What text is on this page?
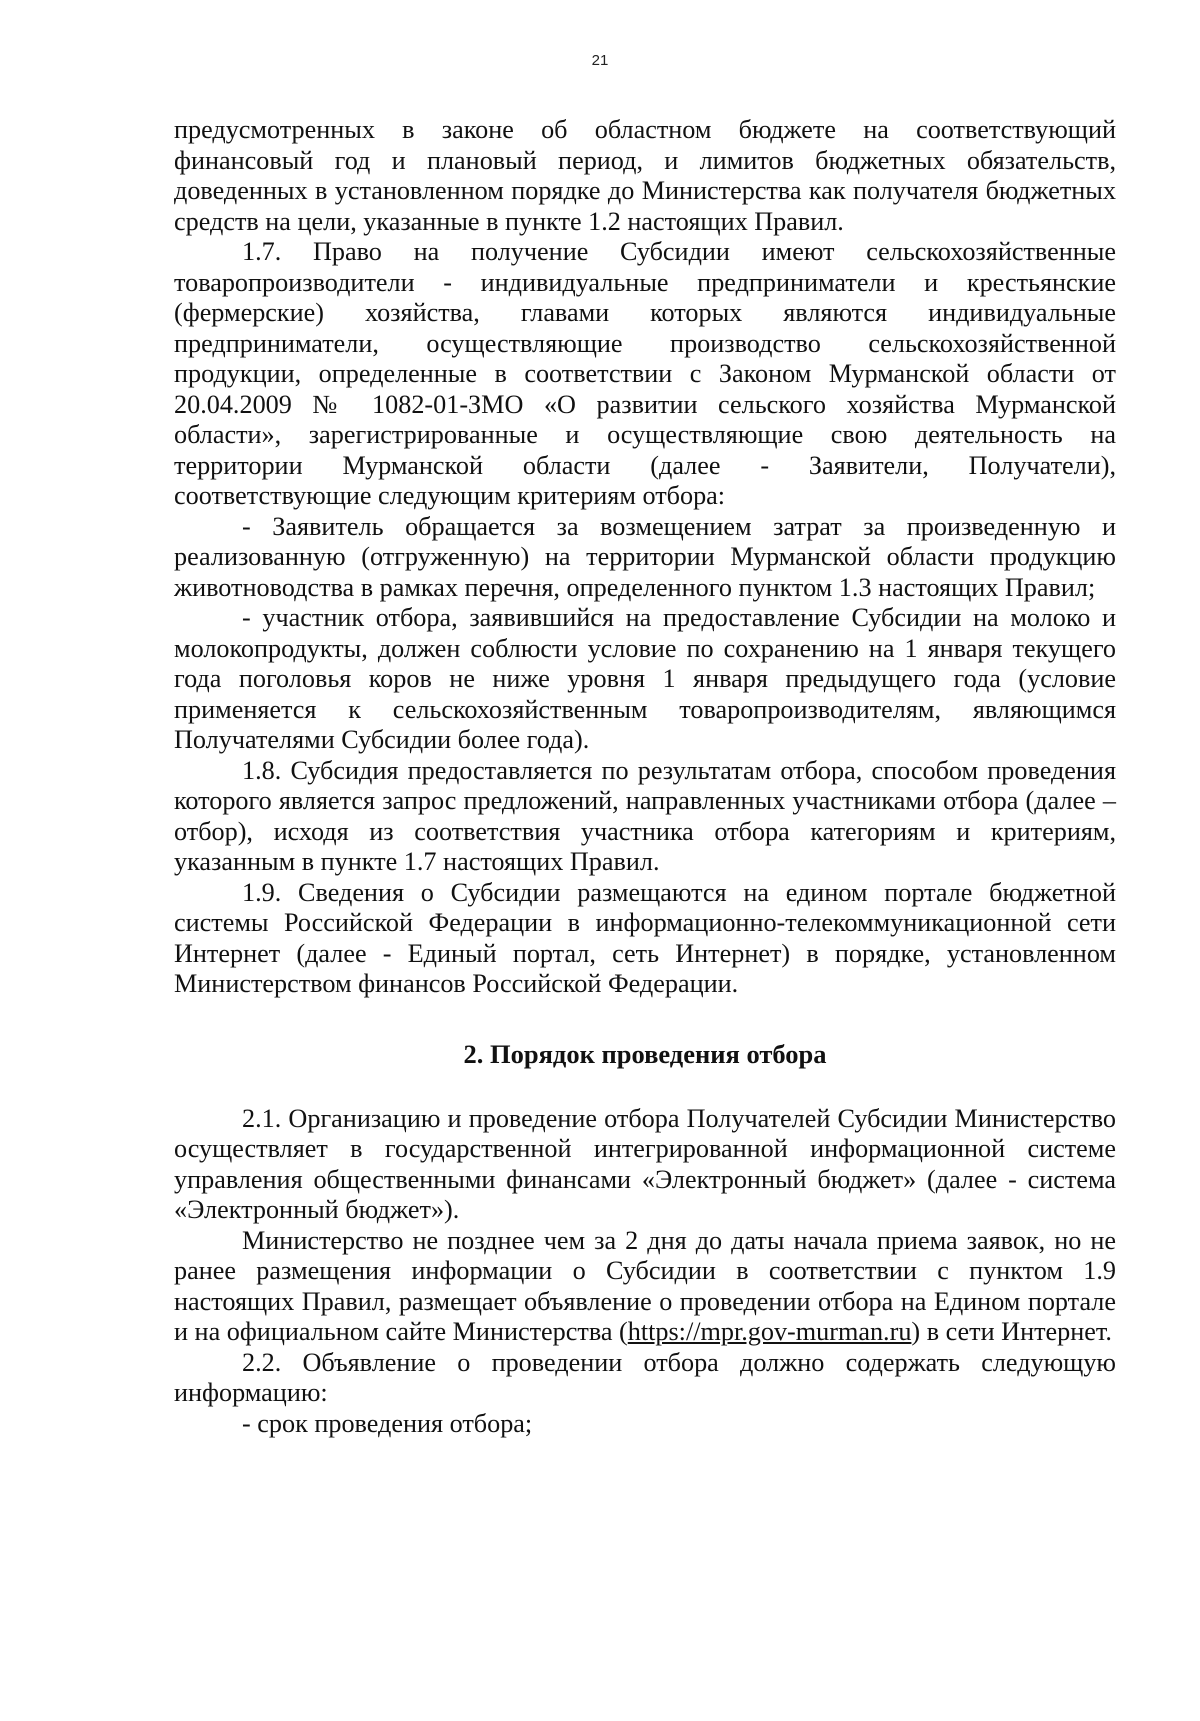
21

предусмотренных в законе об областном бюджете на соответствующий финансовый год и плановый период, и лимитов бюджетных обязательств, доведенных в установленном порядке до Министерства как получателя бюджетных средств на цели, указанные в пункте 1.2 настоящих Правил.

1.7. Право на получение Субсидии имеют сельскохозяйственные товаропроизводители - индивидуальные предприниматели и крестьянские (фермерские) хозяйства, главами которых являются индивидуальные предприниматели, осуществляющие производство сельскохозяйственной продукции, определенные в соответствии с Законом Мурманской области от 20.04.2009 № 1082-01-ЗМО «О развитии сельского хозяйства Мурманской области», зарегистрированные и осуществляющие свою деятельность на территории Мурманской области (далее - Заявители, Получатели), соответствующие следующим критериям отбора:

- Заявитель обращается за возмещением затрат за произведенную и реализованную (отгруженную) на территории Мурманской области продукцию животноводства в рамках перечня, определенного пунктом 1.3 настоящих Правил;

- участник отбора, заявившийся на предоставление Субсидии на молоко и молокопродукты, должен соблюсти условие по сохранению на 1 января текущего года поголовья коров не ниже уровня 1 января предыдущего года (условие применяется к сельскохозяйственным товаропроизводителям, являющимся Получателями Субсидии более года).

1.8. Субсидия предоставляется по результатам отбора, способом проведения которого является запрос предложений, направленных участниками отбора (далее – отбор), исходя из соответствия участника отбора категориям и критериям, указанным в пункте 1.7 настоящих Правил.

1.9. Сведения о Субсидии размещаются на едином портале бюджетной системы Российской Федерации в информационно-телекоммуникационной сети Интернет (далее - Единый портал, сеть Интернет) в порядке, установленном Министерством финансов Российской Федерации.

2. Порядок проведения отбора

2.1. Организацию и проведение отбора Получателей Субсидии Министерство осуществляет в государственной интегрированной информационной системе управления общественными финансами «Электронный бюджет» (далее - система «Электронный бюджет»).

Министерство не позднее чем за 2 дня до даты начала приема заявок, но не ранее размещения информации о Субсидии в соответствии с пунктом 1.9 настоящих Правил, размещает объявление о проведении отбора на Едином портале и на официальном сайте Министерства (https://mpr.gov-murman.ru) в сети Интернет.

2.2. Объявление о проведении отбора должно содержать следующую информацию:

- срок проведения отбора;
